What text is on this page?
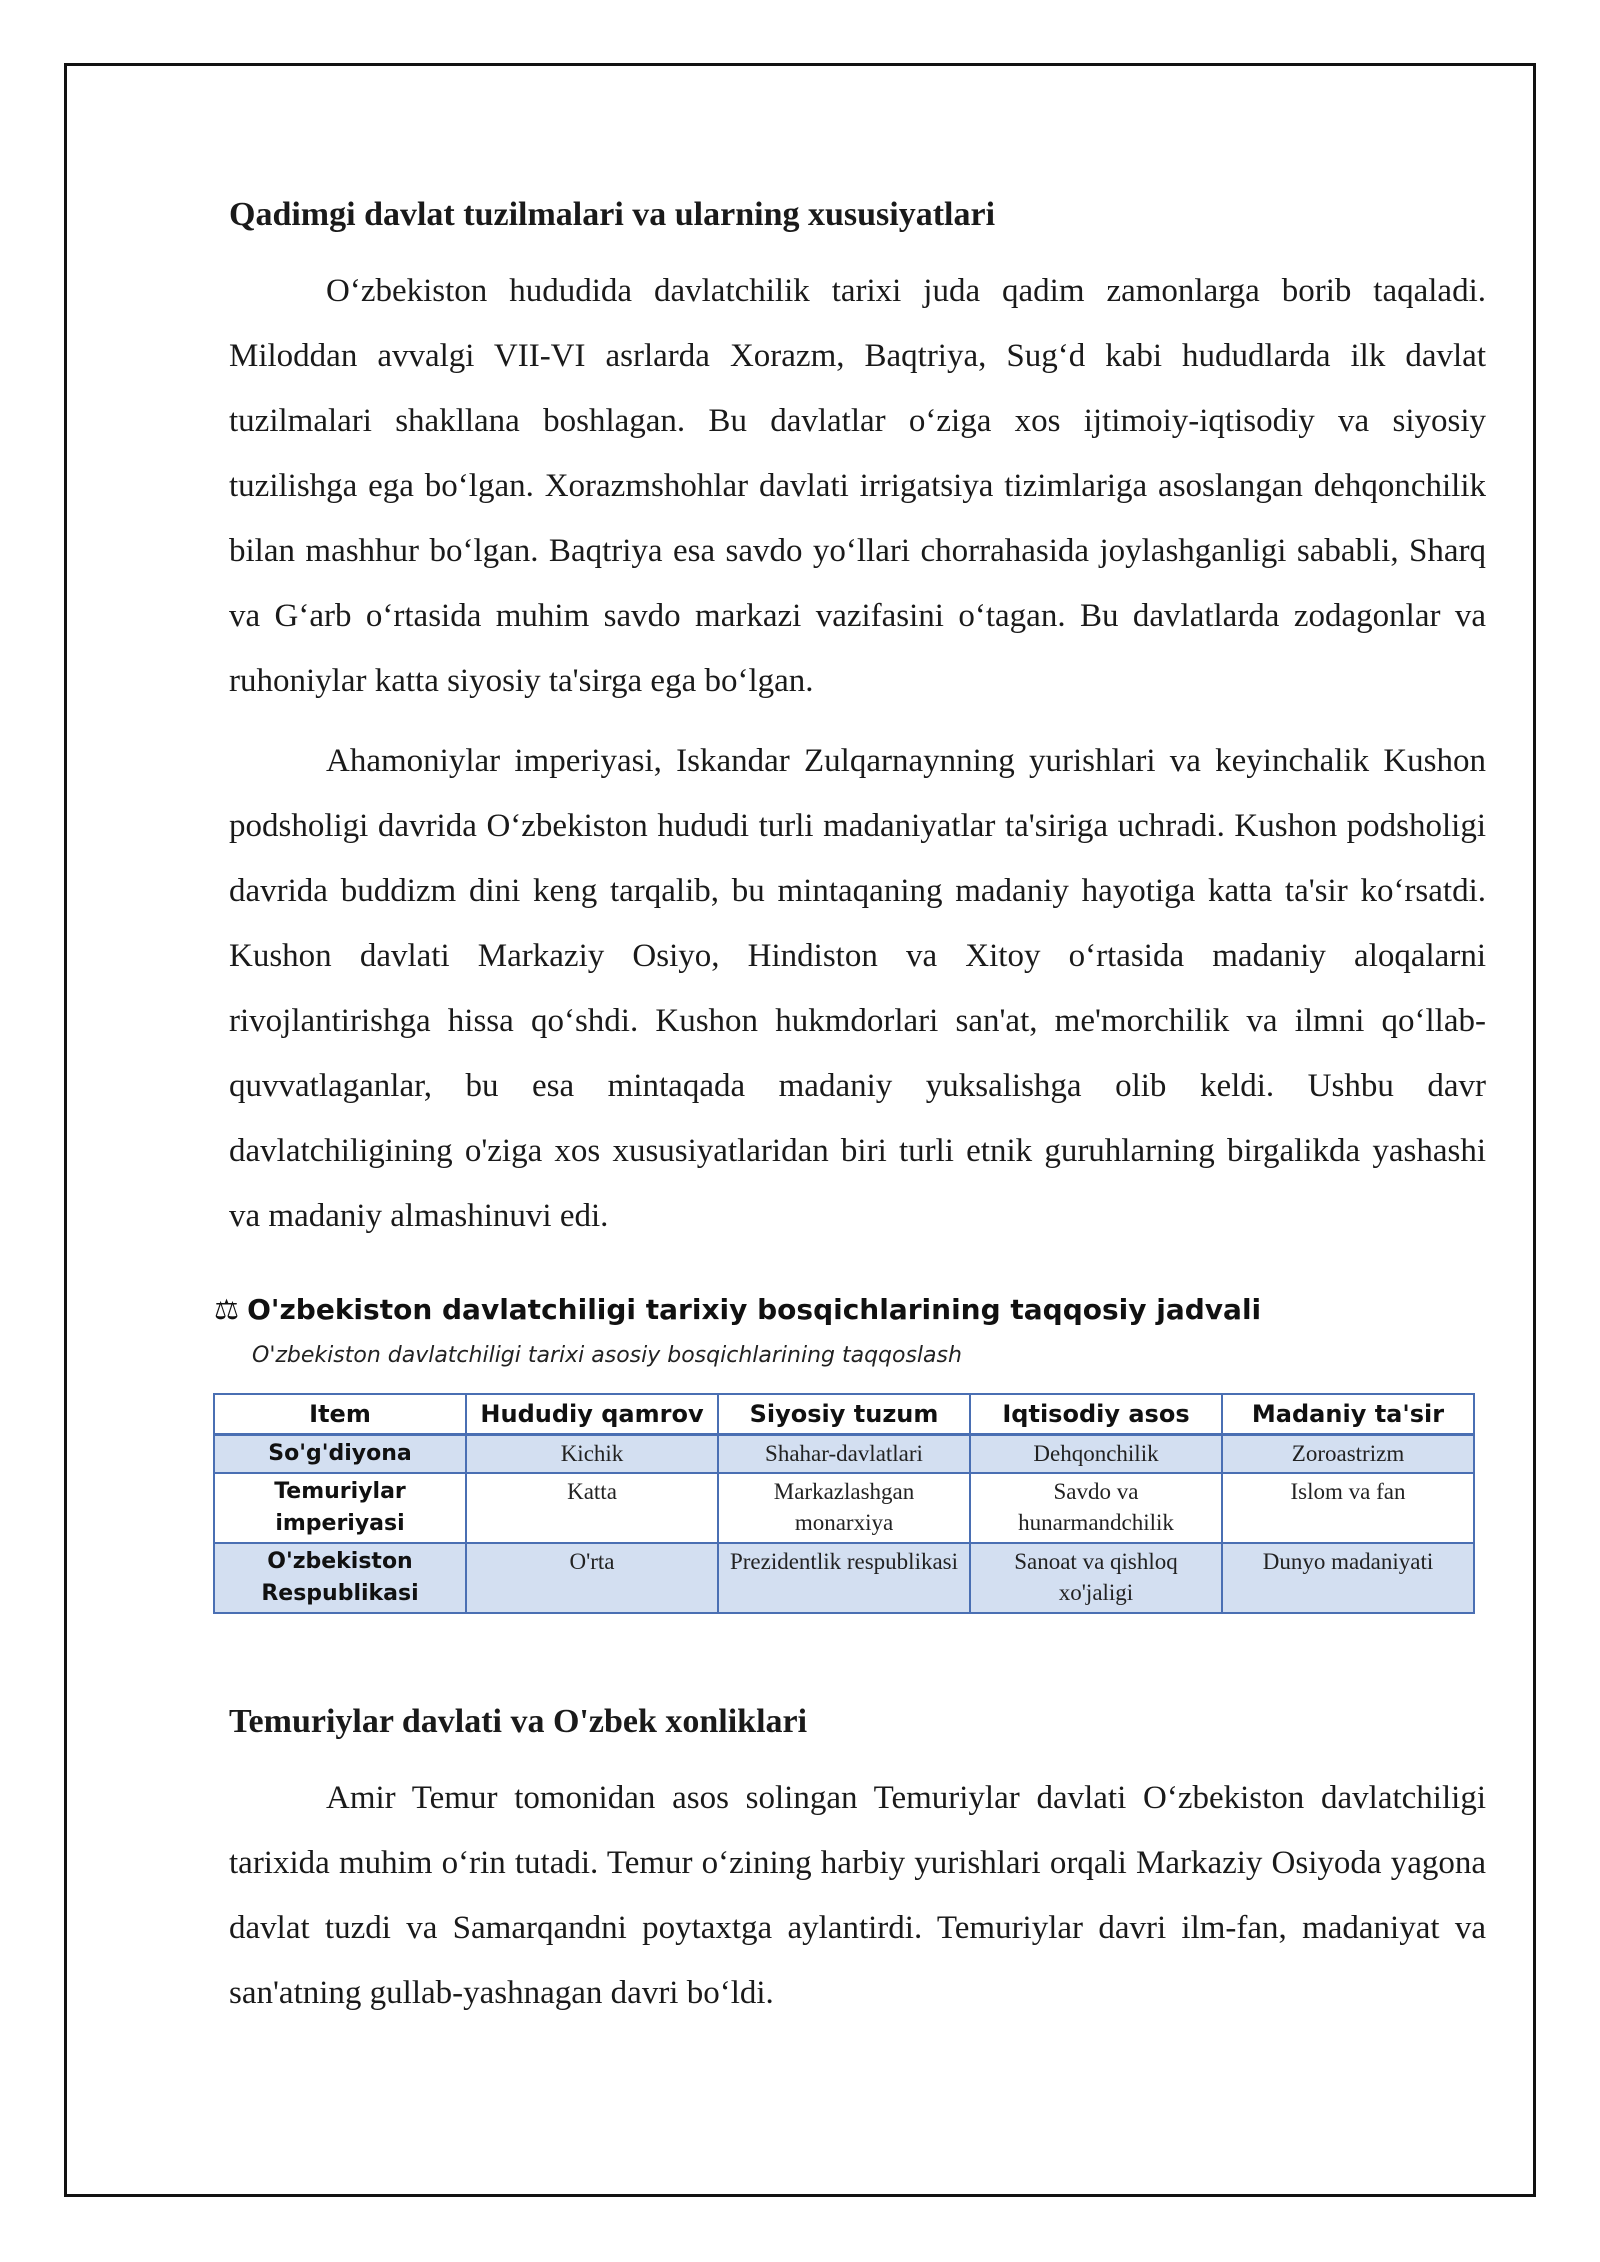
Qadimgi davlat tuzilmalari va ularning xususiyatlari

O‘zbekiston hududida davlatchilik tarixi juda qadim zamonlarga borib taqaladi. Miloddan avvalgi VII-VI asrlarda Xorazm, Baqtriya, Sug‘d kabi hududlarda ilk davlat tuzilmalari shakllana boshlagan. Bu davlatlar o‘ziga xos ijtimoiy-iqtisodiy va siyosiy tuzilishga ega bo‘lgan. Xorazmshohlar davlati irrigatsiya tizimlariga asoslangan dehqonchilik bilan mashhur bo‘lgan. Baqtriya esa savdo yo‘llari chorrahasida joylashganligi sababli, Sharq va G‘arb o‘rtasida muhim savdo markazi vazifasini o‘tagan. Bu davlatlarda zodagonlar va ruhoniylar katta siyosiy ta'sirga ega bo‘lgan.

Ahamoniylar imperiyasi, Iskandar Zulqarnaynning yurishlari va keyinchalik Kushon podsholigi davrida O‘zbekiston hududi turli madaniyatlar ta'siriga uchradi. Kushon podsholigi davrida buddizm dini keng tarqalib, bu mintaqaning madaniy hayotiga katta ta'sir ko‘rsatdi. Kushon davlati Markaziy Osiyo, Hindiston va Xitoy o‘rtasida madaniy aloqalarni rivojlantirishga hissa qo‘shdi. Kushon hukmdorlari san'at, me'morchilik va ilmni qo‘llab-quvvatlaganlar, bu esa mintaqada madaniy yuksalishga olib keldi. Ushbu davr davlatchiligining o'ziga xos xususiyatlaridan biri turli etnik guruhlarning birgalikda yashashi va madaniy almashinuvi edi.

⚖ O'zbekiston davlatchiligi tarixiy bosqichlarining taqqosiy jadvali
O'zbekiston davlatchiligi tarixi asosiy bosqichlarining taqqoslash
Item	Hududiy qamrov	Siyosiy tuzum	Iqtisodiy asos	Madaniy ta'sir
So'g'diyona	Kichik	Shahar-davlatlari	Dehqonchilik	Zoroastrizm
Temuriylar imperiyasi	Katta	Markazlashgan monarxiya	Savdo va hunarmandchilik	Islom va fan
O'zbekiston Respublikasi	O'rta	Prezidentlik respublikasi	Sanoat va qishloq xo'jaligi	Dunyo madaniyati
Temuriylar davlati va O'zbek xonliklari

Amir Temur tomonidan asos solingan Temuriylar davlati O‘zbekiston davlatchiligi tarixida muhim o‘rin tutadi. Temur o‘zining harbiy yurishlari orqali Markaziy Osiyoda yagona davlat tuzdi va Samarqandni poytaxtga aylantirdi. Temuriylar davri ilm-fan, madaniyat va san'atning gullab-yashnagan davri bo‘ldi.
